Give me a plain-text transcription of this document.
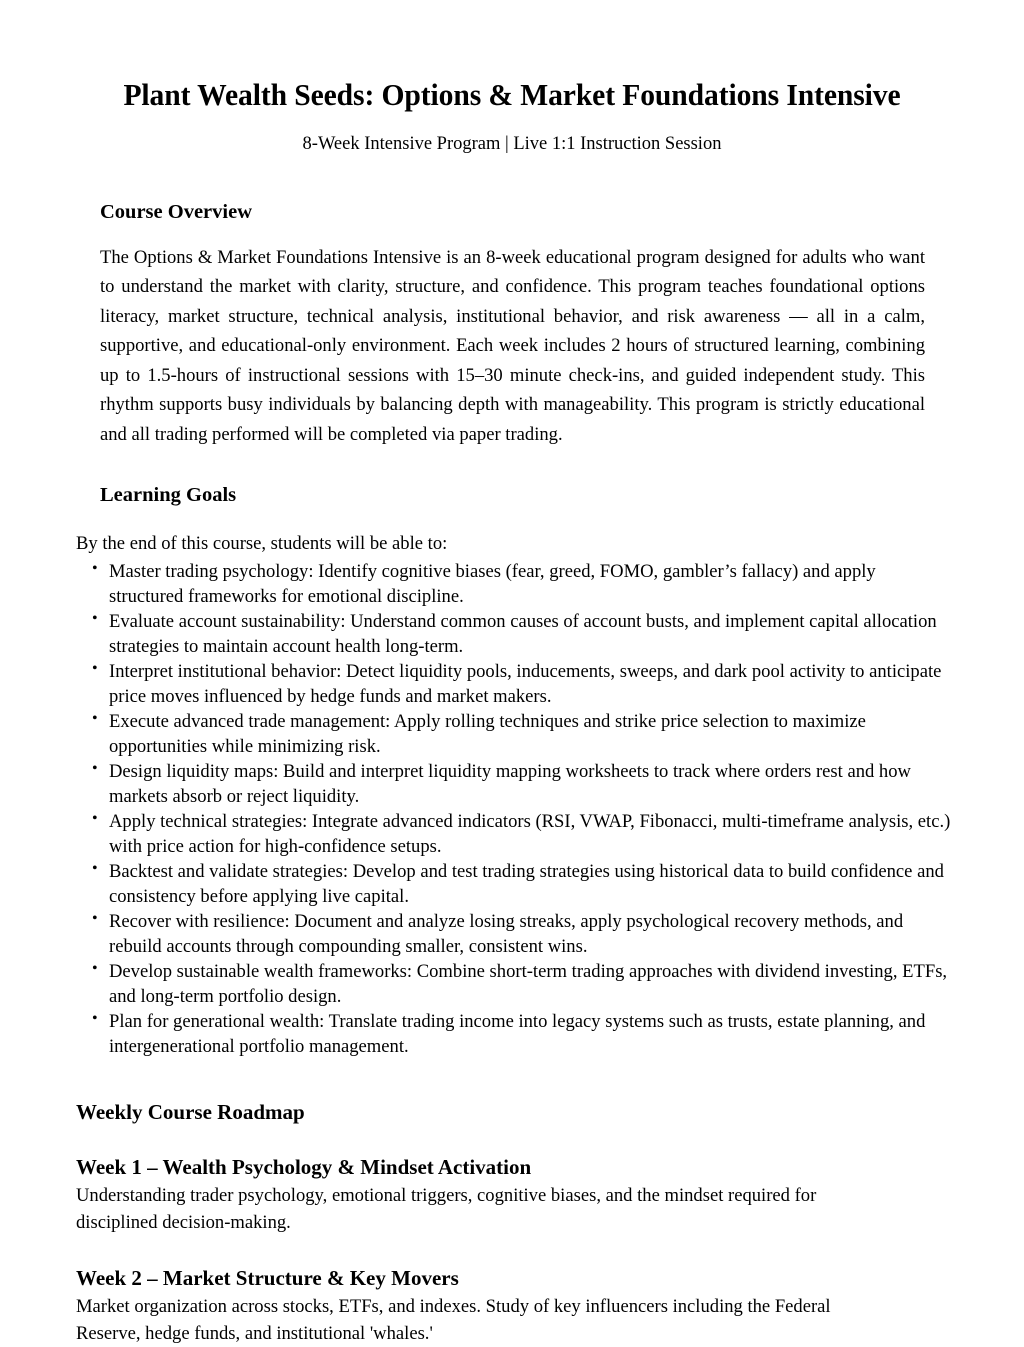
Plant Wealth Seeds: Options & Market Foundations Intensive
8-Week Intensive Program | Live 1:1 Instruction Session
Course Overview

The Options & Market Foundations Intensive is an 8-week educational program designed for adults who want to understand the market with clarity, structure, and confidence. This program teaches foundational options literacy, market structure, technical analysis, institutional behavior, and risk awareness — all in a calm, supportive, and educational-only environment. Each week includes 2 hours of structured learning, combining up to 1.5-hours of instructional sessions with 15–30 minute check-ins, and guided independent study. This rhythm supports busy individuals by balancing depth with manageability. This program is strictly educational and all trading performed will be completed via paper trading.

Learning Goals

By the end of this course, students will be able to:

• Master trading psychology: Identify cognitive biases (fear, greed, FOMO, gambler’s fallacy) and apply structured frameworks for emotional discipline.
• Evaluate account sustainability: Understand common causes of account busts, and implement capital allocation strategies to maintain account health long-term.
• Interpret institutional behavior: Detect liquidity pools, inducements, sweeps, and dark pool activity to anticipate price moves influenced by hedge funds and market makers.
• Execute advanced trade management: Apply rolling techniques and strike price selection to maximize opportunities while minimizing risk.
• Design liquidity maps: Build and interpret liquidity mapping worksheets to track where orders rest and how markets absorb or reject liquidity.
• Apply technical strategies: Integrate advanced indicators (RSI, VWAP, Fibonacci, multi-timeframe analysis, etc.) with price action for high-confidence setups.
• Backtest and validate strategies: Develop and test trading strategies using historical data to build confidence and consistency before applying live capital.
• Recover with resilience: Document and analyze losing streaks, apply psychological recovery methods, and rebuild accounts through compounding smaller, consistent wins.
• Develop sustainable wealth frameworks: Combine short-term trading approaches with dividend investing, ETFs, and long-term portfolio design.
• Plan for generational wealth: Translate trading income into legacy systems such as trusts, estate planning, and intergenerational portfolio management.
Weekly Course Roadmap
Week 1 – Wealth Psychology & Mindset Activation

Understanding trader psychology, emotional triggers, cognitive biases, and the mindset required for disciplined decision-making.

Week 2 – Market Structure & Key Movers

Market organization across stocks, ETFs, and indexes. Study of key influencers including the Federal Reserve, hedge funds, and institutional 'whales.'
